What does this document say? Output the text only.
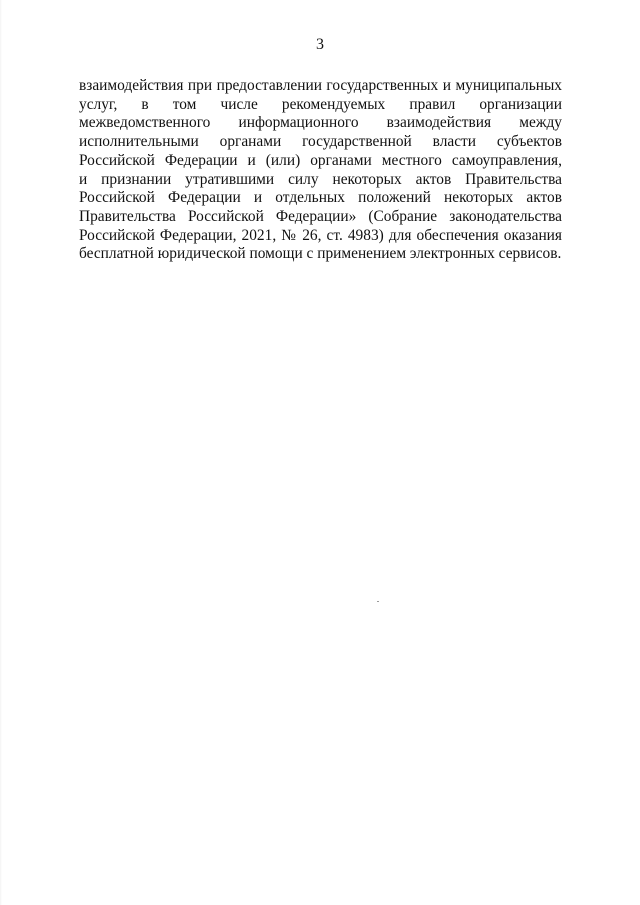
3
взаимодействия при предоставлении государственных и муниципальных
услуг, в том числе рекомендуемых правил организации
межведомственного информационного взаимодействия между
исполнительными органами государственной власти субъектов
Российской Федерации и (или) органами местного самоуправления,
и признании утратившими силу некоторых актов Правительства
Российской Федерации и отдельных положений некоторых актов
Правительства Российской Федерации» (Собрание законодательства
Российской Федерации, 2021, № 26, ст. 4983) для обеспечения оказания
бесплатной юридической помощи с применением электронных сервисов.
